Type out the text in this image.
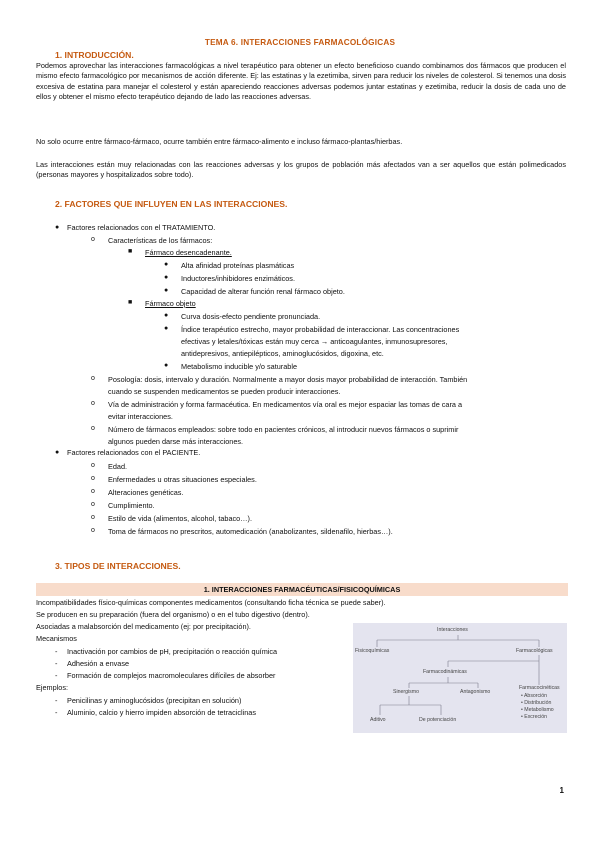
TEMA 6. INTERACCIONES FARMACOLÓGICAS
1. INTRODUCCIÓN.
Podemos aprovechar las interacciones farmacológicas a nivel terapéutico para obtener un efecto beneficioso cuando combinamos dos fármacos que producen el mismo efecto farmacológico por mecanismos de acción diferente. Ej: las estatinas y la ezetimiba, sirven para reducir los niveles de colesterol. Si tenemos una dosis excesiva de estatina para manejar el colesterol y están apareciendo reacciones adversas podemos juntar estatinas y ezetimiba, reducir la dosis de cada uno de ellos y obtener el mismo efecto terapéutico dejando de lado las reacciones adversas.
No solo ocurre entre fármaco-fármaco, ocurre también entre fármaco-alimento e incluso fármaco-plantas/hierbas.
Las interacciones están muy relacionadas con las reacciones adversas y los grupos de población más afectados van a ser aquellos que están polimedicados (personas mayores y hospitalizados sobre todo).
2. FACTORES QUE INFLUYEN EN LAS INTERACCIONES.
● Factores relacionados con el TRATAMIENTO.
o Características de los fármacos:
■ Fármaco desencadenante.
● Alta afinidad proteínas plasmáticas
● Inductores/inhibidores enzimáticos.
● Capacidad de alterar función renal fármaco objeto.
■ Fármaco objeto
● Curva dosis-efecto pendiente pronunciada.
● Índice terapéutico estrecho, mayor probabilidad de interaccionar. Las concentraciones
efectivas y letales/tóxicas están muy cerca → anticoagulantes, inmunosupresores,
antidepresivos, antiepilépticos, aminoglucósidos, digoxina, etc.
● Metabolismo inducible y/o saturable
o Posología: dosis, intervalo y duración. Normalmente a mayor dosis mayor probabilidad de interacción. También
cuando se suspenden medicamentos se pueden producir interacciones.
o Vía de administración y forma farmacéutica. En medicamentos vía oral es mejor espaciar las tomas de cara a
evitar interacciones.
o Número de fármacos empleados: sobre todo en pacientes crónicos, al introducir nuevos fármacos o suprimir
algunos pueden darse más interacciones.
● Factores relacionados con el PACIENTE.
o Edad.
o Enfermedades u otras situaciones especiales.
o Alteraciones genéticas.
o Cumplimiento.
o Estilo de vida (alimentos, alcohol, tabaco…).
o Toma de fármacos no prescritos, automedicación (anabolizantes, sildenafilo, hierbas…).
3. TIPOS DE INTERACCIONES.
1. INTERACCIONES FARMACÉUTICAS/FISICOQUÍMICAS
Incompatibilidades físico-químicas componentes medicamentos (consultando ficha técnica se puede saber).
Se producen en su preparación (fuera del organismo) o en el tubo digestivo (dentro).
Asociadas a malabsorción del medicamento (ej: por precipitación).
Mecanismos
- Inactivación por cambios de pH, precipitación o reacción química
- Adhesión a envase
- Formación de complejos macromoleculares difíciles de absorber
Ejemplos:
- Penicilinas y aminoglucósidos (precipitan en solución)
- Aluminio, calcio y hierro impiden absorción de tetraciclinas
Interacciones
Fisicoquímicas	Farmacológicas
Farmacodinámicas
Sinergismo	Antagonismo
Aditivo	De potenciación
Farmacocinéticas
• Absorción
• Distribución
• Metabolismo
• Excreción
1
